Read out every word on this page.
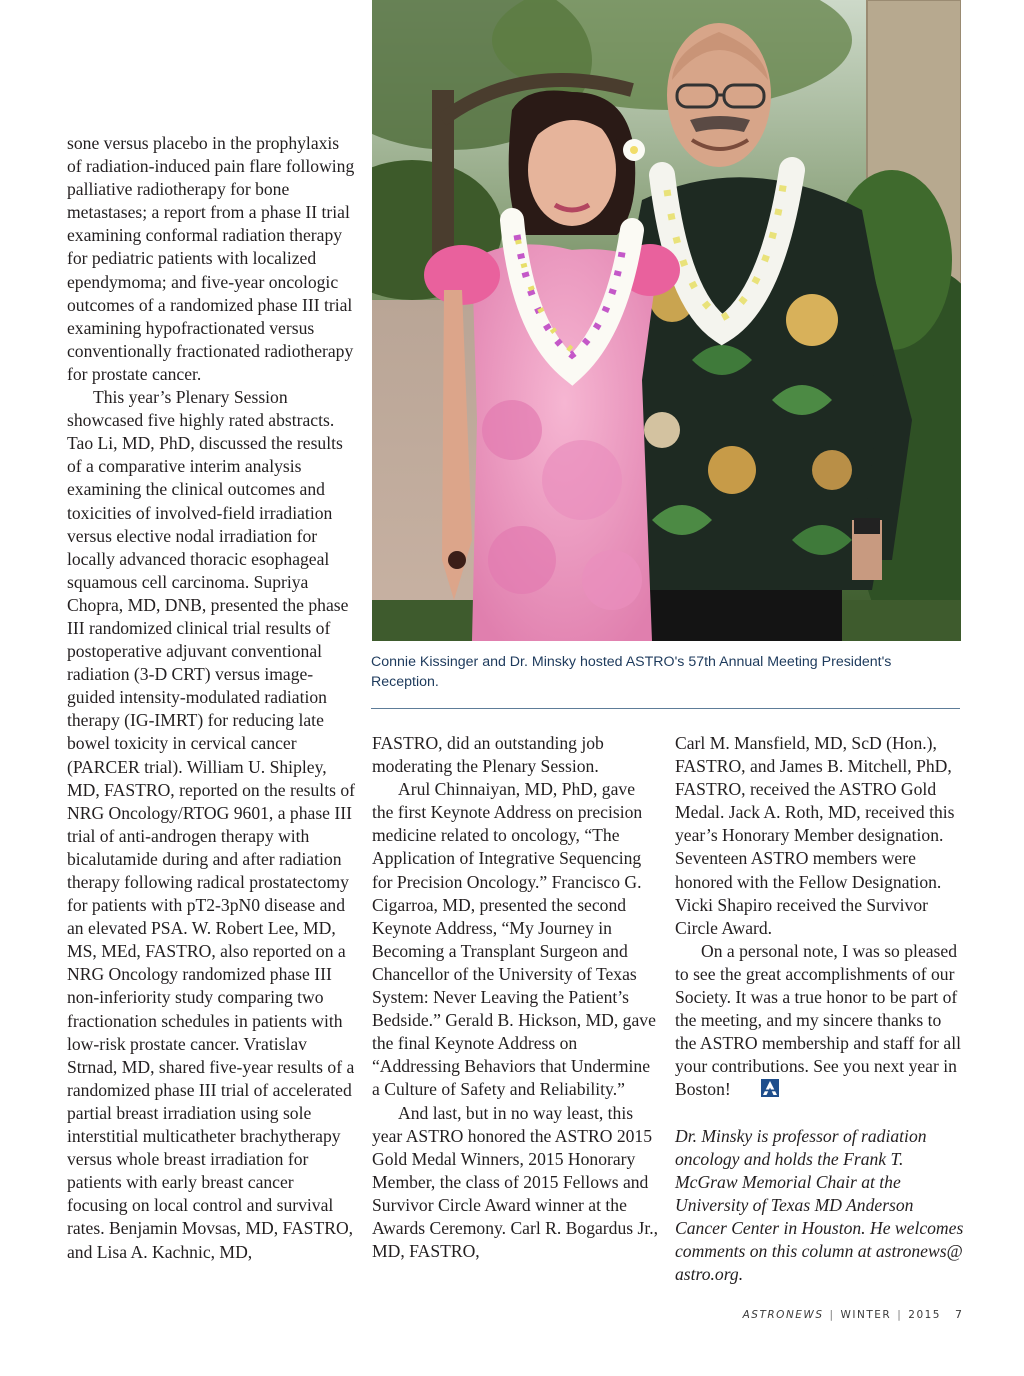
sone versus placebo in the prophylaxis of radiation-induced pain flare following palliative radiotherapy for bone metastases; a report from a phase II trial examining conformal radiation therapy for pediatric patients with localized ependymoma; and five-year oncologic outcomes of a randomized phase III trial examining hypofractionated versus conventionally fractionated radiotherapy for prostate cancer.

This year’s Plenary Session showcased five highly rated abstracts. Tao Li, MD, PhD, discussed the results of a comparative interim analysis examining the clinical outcomes and toxicities of involved-field irradiation versus elective nodal irradiation for locally advanced thoracic esophageal squamous cell carcinoma. Supriya Chopra, MD, DNB, presented the phase III randomized clinical trial results of postoperative adjuvant conventional radiation (3-D CRT) versus image-guided intensity-modulated radiation therapy (IG-IMRT) for reducing late bowel toxicity in cervical cancer (PARCER trial). William U. Shipley, MD, FASTRO, reported on the results of NRG Oncology/RTOG 9601, a phase III trial of anti-androgen therapy with bicalutamide during and after radiation therapy following radical prostatectomy for patients with pT2-3pN0 disease and an elevated PSA. W. Robert Lee, MD, MS, MEd, FASTRO, also reported on a NRG Oncology randomized phase III non-inferiority study comparing two fractionation schedules in patients with low-risk prostate cancer. Vratislav Strnad, MD, shared five-year results of a randomized phase III trial of accelerated partial breast irradiation using sole interstitial multicatheter brachytherapy versus whole breast irradiation for patients with early breast cancer focusing on local control and survival rates. Benjamin Movsas, MD, FASTRO, and Lisa A. Kachnic, MD,

Connie Kissinger and Dr. Minsky hosted ASTRO's 57th Annual Meeting President's Reception.

FASTRO, did an outstanding job moderating the Plenary Session.

Arul Chinnaiyan, MD, PhD, gave the first Keynote Address on precision medicine related to oncology, “The Application of Integrative Sequencing for Precision Oncology.” Francisco G. Cigarroa, MD, presented the second Keynote Address, “My Journey in Becoming a Transplant Surgeon and Chancellor of the University of Texas System: Never Leaving the Patient’s Bedside.” Gerald B. Hickson, MD, gave the final Keynote Address on “Addressing Behaviors that Undermine a Culture of Safety and Reliability.”

And last, but in no way least, this year ASTRO honored the ASTRO 2015 Gold Medal Winners, 2015 Honorary Member, the class of 2015 Fellows and Survivor Circle Award winner at the Awards Ceremony. Carl R. Bogardus Jr., MD, FASTRO,

Carl M. Mansfield, MD, ScD (Hon.), FASTRO, and James B. Mitchell, PhD, FASTRO, received the ASTRO Gold Medal. Jack A. Roth, MD, received this year’s Honorary Member designation. Seventeen ASTRO members were honored with the Fellow Designation. Vicki Shapiro received the Survivor Circle Award.

On a personal note, I was so pleased to see the great accomplishments of our Society. It was a true honor to be part of the meeting, and my sincere thanks to the ASTRO membership and staff for all your contributions. See you next year in Boston!

Dr. Minsky is professor of radiation oncology and holds the Frank T. McGraw Memorial Chair at the University of Texas MD Anderson Cancer Center in Houston. He welcomes comments on this column at astronews@ astro.org.

ASTRONEWS | WINTER | 2015 7
